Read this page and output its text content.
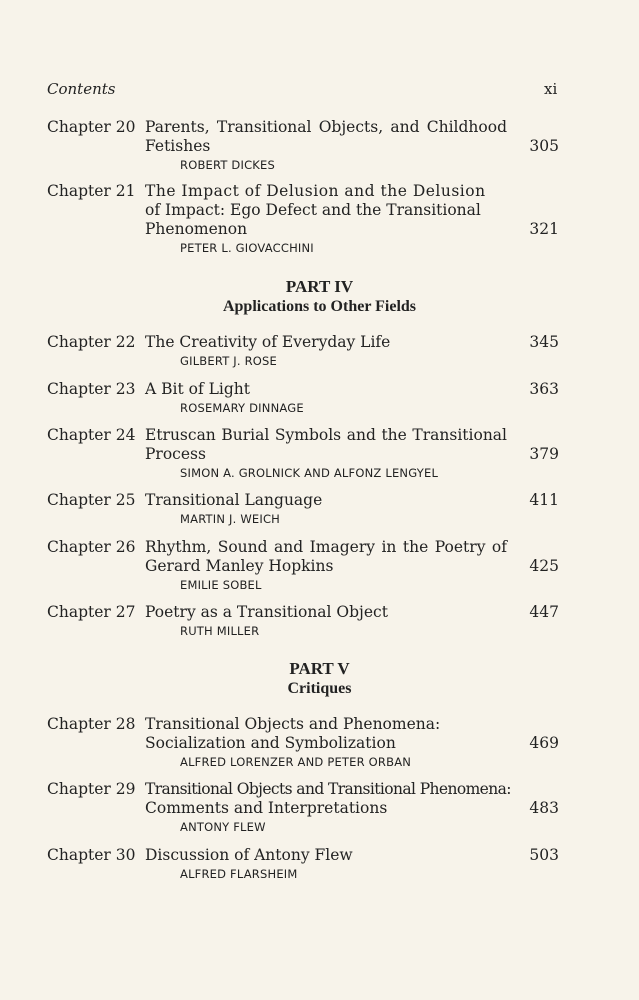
Contents	xi
Chapter 20 Parents, Transitional Objects, and Childhood
Fetishes	305
ROBERT DICKES
Chapter 21 The Impact of Delusion and the Delusion
of Impact: Ego Defect and the Transitional
Phenomenon	321
PETER L. GIOVACCHINI
PART IV
Applications to Other Fields
Chapter 22 The Creativity of Everyday Life	345
GILBERT J. ROSE
Chapter 23 A Bit of Light	363
ROSEMARY DINNAGE
Chapter 24 Etruscan Burial Symbols and the Transitional
Process	379
SIMON A. GROLNICK AND ALFONZ LENGYEL
Chapter 25 Transitional Language	411
MARTIN J. WEICH
Chapter 26 Rhythm, Sound and Imagery in the Poetry of
Gerard Manley Hopkins	425
EMILIE SOBEL
Chapter 27 Poetry as a Transitional Object	447
RUTH MILLER
PART V
Critiques
Chapter 28 Transitional Objects and Phenomena:
Socialization and Symbolization	469
ALFRED LORENZER AND PETER ORBAN
Chapter 29 Transitional Objects and Transitional Phenomena:
Comments and Interpretations	483
ANTONY FLEW
Chapter 30 Discussion of Antony Flew	503
ALFRED FLARSHEIM
